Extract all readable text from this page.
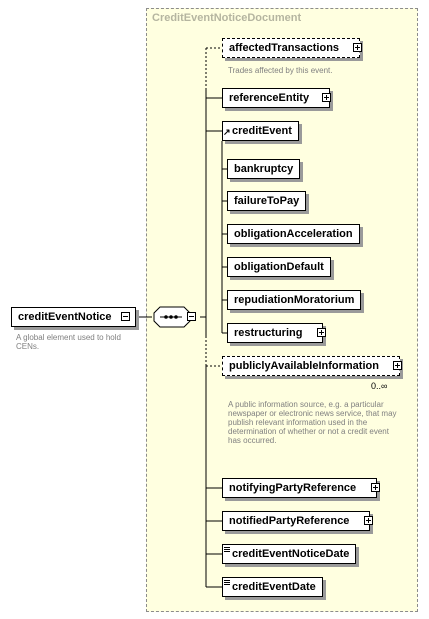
CreditEventNoticeDocument
creditEventNotice
A global element used to hold CENs.
affectedTransactions
Trades affected by this event.
referenceEntity
↗ creditEvent
bankruptcy
failureToPay
obligationAcceleration
obligationDefault
repudiationMoratorium
restructuring
publiclyAvailableInformation
0..∞
A public information source, e.g. a particular newspaper or electronic news service, that may publish relevant information used in the determination of whether or not a credit event has occurred.
notifyingPartyReference
notifiedPartyReference
creditEventNoticeDate
creditEventDate
